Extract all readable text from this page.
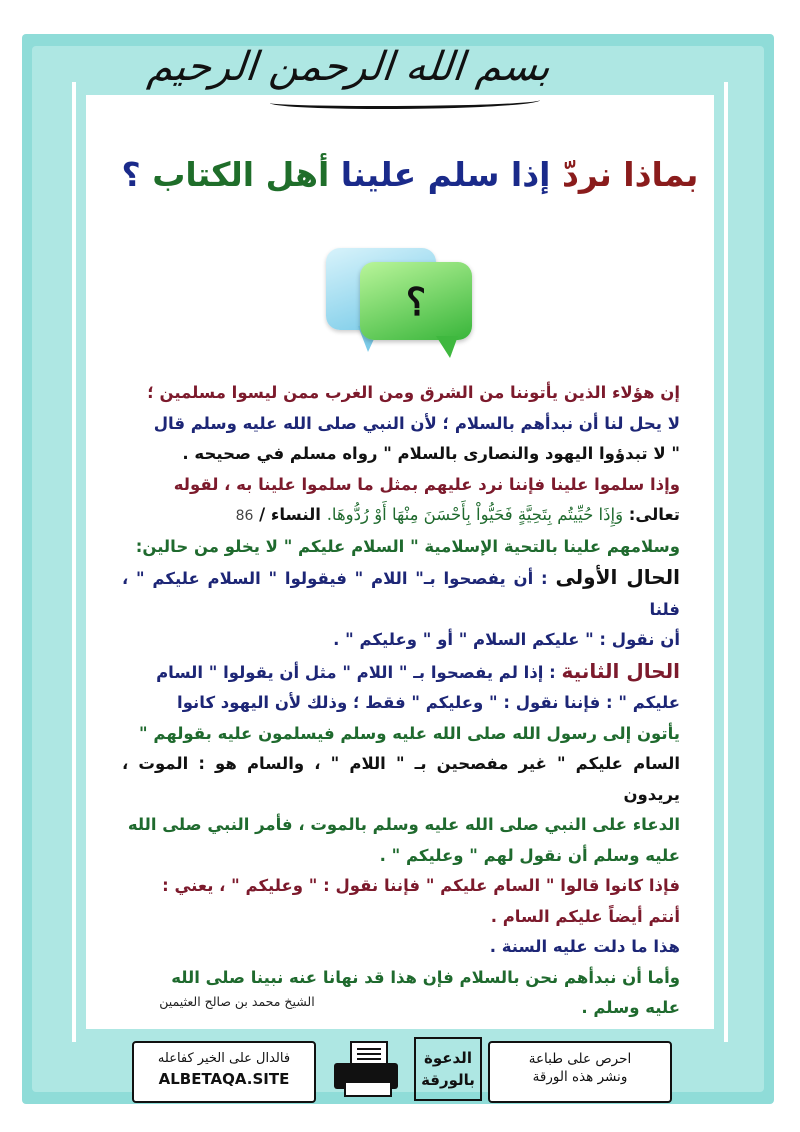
بسم الله الرحمن الرحيم
بماذا نردّ إذا سلم علينا أهل الكتاب ؟
؟

إن هؤلاء الذين يأتوننا من الشرق ومن الغرب ممن ليسوا مسلمين ؛

لا يحل لنا أن نبدأهم بالسلام ؛ لأن النبي صلى الله عليه وسلم قال

" لا تبدؤوا اليهود والنصارى بالسلام " رواه مسلم في صحيحه .

وإذا سلموا علينا فإننا نرد عليهم بمثل ما سلموا علينا به ، لقوله

تعالى: وَإِذَا حُيِّيتُم بِتَحِيَّةٍ فَحَيُّواْ بِأَحْسَنَ مِنْهَا أَوْ رُدُّوهَا. النساء / 86

وسلامهم علينا بالتحية الإسلامية " السلام عليكم " لا يخلو من حالين:

الحال الأولى : أن يفصحوا بـ" اللام " فيقولوا " السلام عليكم " ، فلنا

أن نقول : " عليكم السلام " أو " وعليكم " .

الحال الثانية : إذا لم يفصحوا بـ " اللام " مثل أن يقولوا " السام

عليكم " : فإننا نقول : " وعليكم " فقط ؛ وذلك لأن اليهود كانوا

يأتون إلى رسول الله صلى الله عليه وسلم فيسلمون عليه بقولهم "

السام عليكم " غير مفصحين بـ " اللام " ، والسام هو : الموت ، يريدون

الدعاء على النبي صلى الله عليه وسلم بالموت ، فأمر النبي صلى الله

عليه وسلم أن نقول لهم " وعليكم " .

فإذا كانوا قالوا " السام عليكم " فإننا نقول : " وعليكم " ، يعني :

أنتم أيضاً عليكم السام .

هذا ما دلت عليه السنة .

وأما أن نبدأهم نحن بالسلام فإن هذا قد نهانا عنه نبينا صلى الله

عليه وسلم .

الشيخ محمد بن صالح العثيمين
فالدال على الخير كفاعله
ALBETAQA.SITE
الدعوة
بالورقة
احرص على طباعة
ونشر هذه الورقة
